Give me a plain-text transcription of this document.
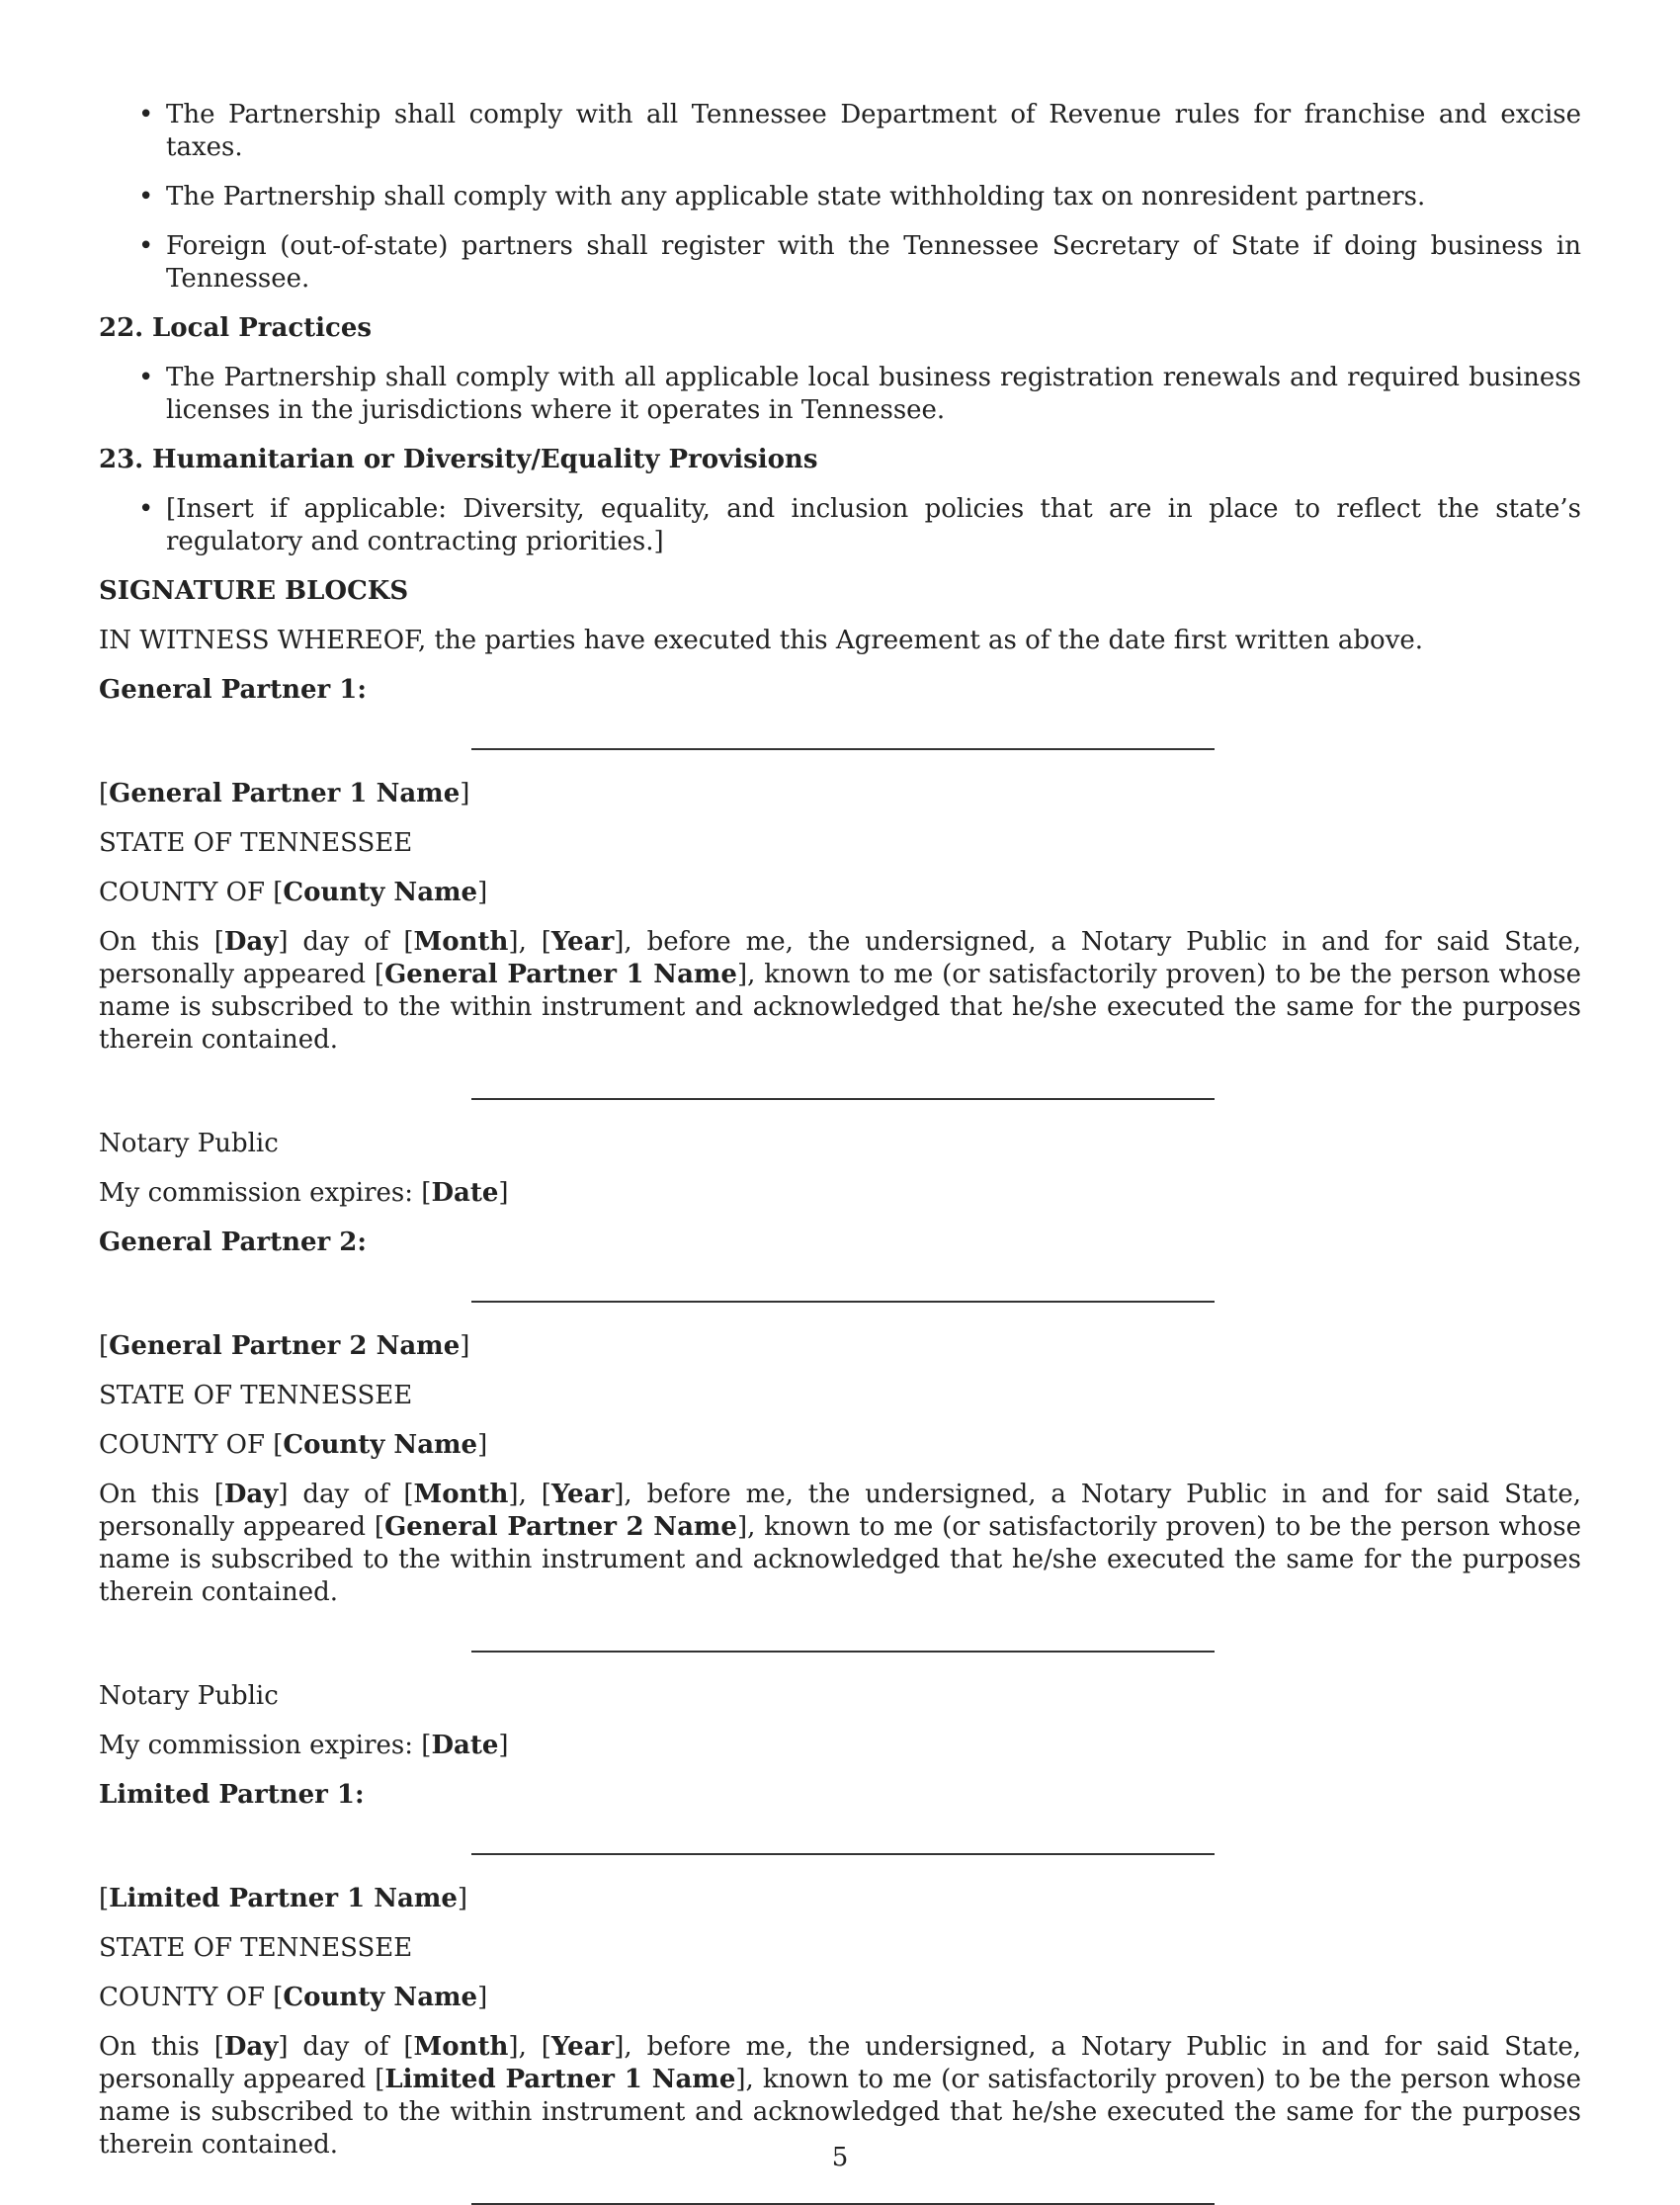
• The Partnership shall comply with all Tennessee Department of Revenue rules for franchise and excise taxes.
• The Partnership shall comply with any applicable state withholding tax on nonresident partners.
• Foreign (out-of-state) partners shall register with the Tennessee Secretary of State if doing business in Tennessee.
22. Local Practices
• The Partnership shall comply with all applicable local business registration renewals and required business licenses in the jurisdictions where it operates in Tennessee.
23. Humanitarian or Diversity/Equality Provisions
• [Insert if applicable: Diversity, equality, and inclusion policies that are in place to reflect the state’s regulatory and contracting priorities.]

SIGNATURE BLOCKS

IN WITNESS WHEREOF, the parties have executed this Agreement as of the date first written above.

General Partner 1:

[General Partner 1 Name]

STATE OF TENNESSEE

COUNTY OF [County Name]

On this [Day] day of [Month], [Year], before me, the undersigned, a Notary Public in and for said State, personally appeared [General Partner 1 Name], known to me (or satisfactorily proven) to be the person whose name is subscribed to the within instrument and acknowledged that he/she executed the same for the purposes therein contained.

Notary Public

My commission expires: [Date]

General Partner 2:

[General Partner 2 Name]

STATE OF TENNESSEE

COUNTY OF [County Name]

On this [Day] day of [Month], [Year], before me, the undersigned, a Notary Public in and for said State, personally appeared [General Partner 2 Name], known to me (or satisfactorily proven) to be the person whose name is subscribed to the within instrument and acknowledged that he/she executed the same for the purposes therein contained.

Notary Public

My commission expires: [Date]

Limited Partner 1:

[Limited Partner 1 Name]

STATE OF TENNESSEE

COUNTY OF [County Name]

On this [Day] day of [Month], [Year], before me, the undersigned, a Notary Public in and for said State, personally appeared [Limited Partner 1 Name], known to me (or satisfactorily proven) to be the person whose name is subscribed to the within instrument and acknowledged that he/she executed the same for the purposes therein contained.	5
